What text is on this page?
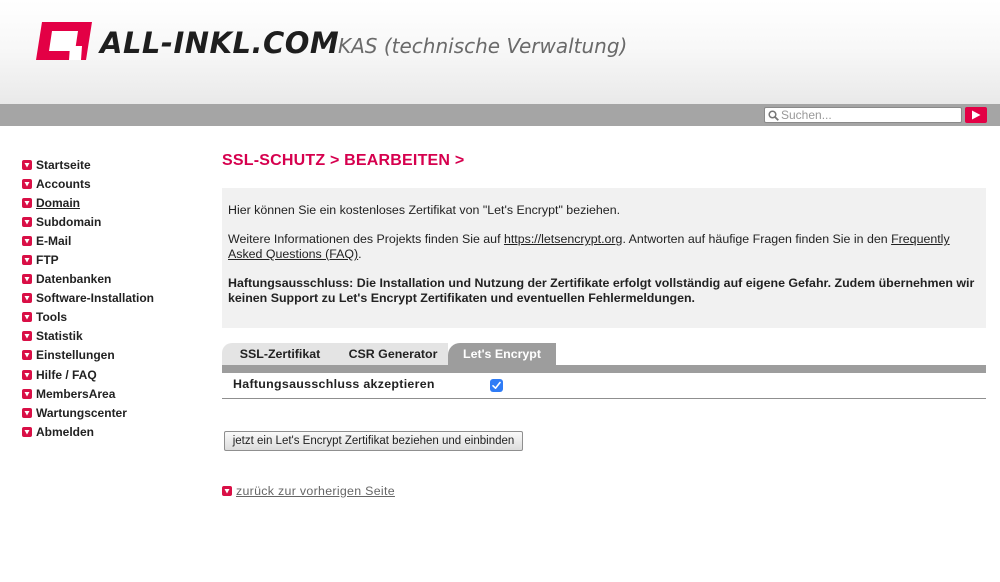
ALL-INKL.COM
KAS (technische Verwaltung)
Suchen...
Startseite
Accounts
Domain
Subdomain
E-Mail
FTP
Datenbanken
Software-Installation
Tools
Statistik
Einstellungen
Hilfe / FAQ
MembersArea
Wartungscenter
Abmelden
SSL-SCHUTZ > BEARBEITEN >

Hier können Sie ein kostenloses Zertifikat von "Let's Encrypt" beziehen.

Weitere Informationen des Projekts finden Sie auf https://letsencrypt.org. Antworten auf häufige Fragen finden Sie in den Frequently Asked Questions (FAQ).

Haftungsausschluss: Die Installation und Nutzung der Zertifikate erfolgt vollständig auf eigene Gefahr. Zudem übernehmen wir keinen Support zu Let's Encrypt Zertifikaten und eventuellen Fehlermeldungen.

SSL-Zertifikat	CSR Generator	Let's Encrypt
Haftungsausschluss akzeptieren
jetzt ein Let's Encrypt Zertifikat beziehen und einbinden
zurück zur vorherigen Seite
